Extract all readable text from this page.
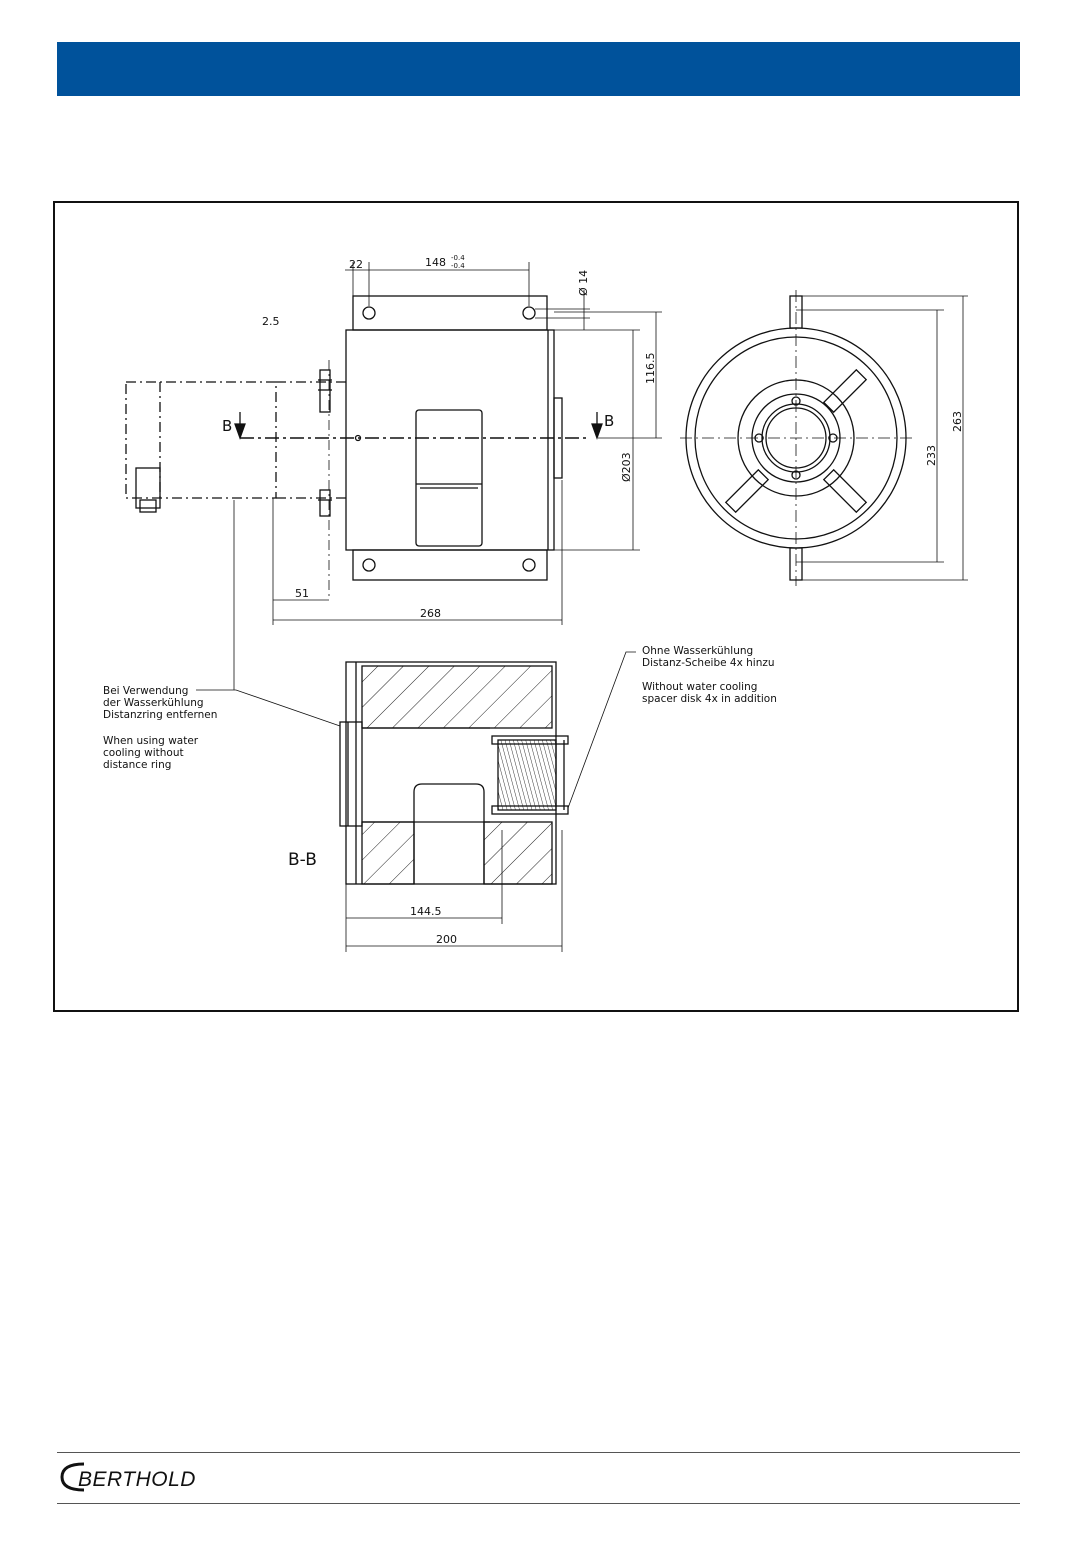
22	148 -0.4
-0.4
Ø 14
2.5
116.5
Ø203
51
268
233
263
144.5
200
B	B
B-B
Bei Verwendung
der Wasserkühlung
Distanzring entfernen
When using water
cooling without
distance ring
Ohne Wasserkühlung
Distanz-Scheibe 4x hinzu
Without water cooling
spacer disk 4x in addition
BERTHOLD
